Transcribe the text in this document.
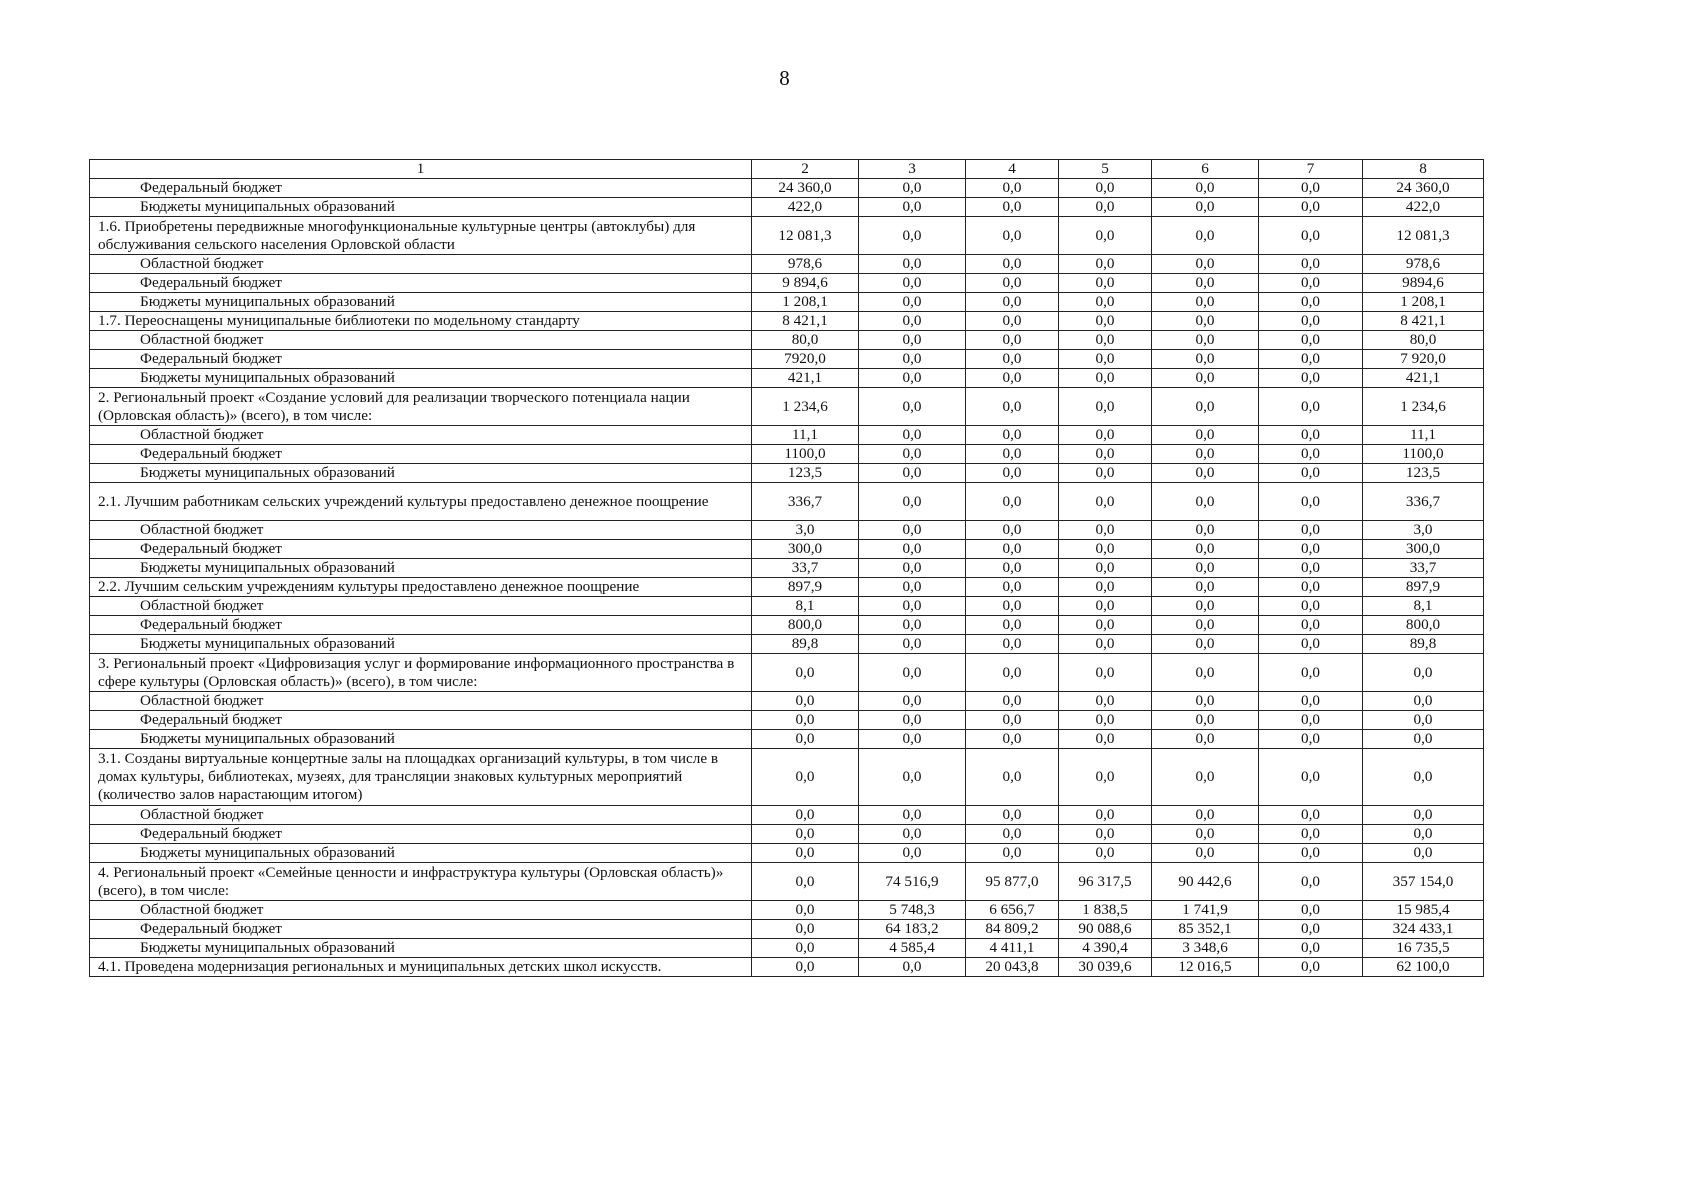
8
1	2	3	4	5	6	7	8
Федеральный бюджет	24 360,0	0,0	0,0	0,0	0,0	0,0	24 360,0
Бюджеты муниципальных образований	422,0	0,0	0,0	0,0	0,0	0,0	422,0
1.6. Приобретены передвижные многофункциональные культурные центры (автоклубы) для обслуживания сельского населения Орловской области	12 081,3	0,0	0,0	0,0	0,0	0,0	12 081,3
Областной бюджет	978,6	0,0	0,0	0,0	0,0	0,0	978,6
Федеральный бюджет	9 894,6	0,0	0,0	0,0	0,0	0,0	9894,6
Бюджеты муниципальных образований	1 208,1	0,0	0,0	0,0	0,0	0,0	1 208,1
1.7. Переоснащены муниципальные библиотеки по модельному стандарту	8 421,1	0,0	0,0	0,0	0,0	0,0	8 421,1
Областной бюджет	80,0	0,0	0,0	0,0	0,0	0,0	80,0
Федеральный бюджет	7920,0	0,0	0,0	0,0	0,0	0,0	7 920,0
Бюджеты муниципальных образований	421,1	0,0	0,0	0,0	0,0	0,0	421,1
2. Региональный проект «Создание условий для реализации творческого потенциала нации (Орловская область)» (всего), в том числе:	1 234,6	0,0	0,0	0,0	0,0	0,0	1 234,6
Областной бюджет	11,1	0,0	0,0	0,0	0,0	0,0	11,1
Федеральный бюджет	1100,0	0,0	0,0	0,0	0,0	0,0	1100,0
Бюджеты муниципальных образований	123,5	0,0	0,0	0,0	0,0	0,0	123,5
2.1. Лучшим работникам сельских учреждений культуры предоставлено денежное поощрение	336,7	0,0	0,0	0,0	0,0	0,0	336,7
Областной бюджет	3,0	0,0	0,0	0,0	0,0	0,0	3,0
Федеральный бюджет	300,0	0,0	0,0	0,0	0,0	0,0	300,0
Бюджеты муниципальных образований	33,7	0,0	0,0	0,0	0,0	0,0	33,7
2.2. Лучшим сельским учреждениям культуры предоставлено денежное поощрение	897,9	0,0	0,0	0,0	0,0	0,0	897,9
Областной бюджет	8,1	0,0	0,0	0,0	0,0	0,0	8,1
Федеральный бюджет	800,0	0,0	0,0	0,0	0,0	0,0	800,0
Бюджеты муниципальных образований	89,8	0,0	0,0	0,0	0,0	0,0	89,8
3. Региональный проект «Цифровизация услуг и формирование информационного пространства в сфере культуры (Орловская область)» (всего), в том числе:	0,0	0,0	0,0	0,0	0,0	0,0	0,0
Областной бюджет	0,0	0,0	0,0	0,0	0,0	0,0	0,0
Федеральный бюджет	0,0	0,0	0,0	0,0	0,0	0,0	0,0
Бюджеты муниципальных образований	0,0	0,0	0,0	0,0	0,0	0,0	0,0
3.1. Созданы виртуальные концертные залы на площадках организаций культуры, в том числе в домах культуры, библиотеках, музеях, для трансляции знаковых культурных мероприятий (количество залов нарастающим итогом)	0,0	0,0	0,0	0,0	0,0	0,0	0,0
Областной бюджет	0,0	0,0	0,0	0,0	0,0	0,0	0,0
Федеральный бюджет	0,0	0,0	0,0	0,0	0,0	0,0	0,0
Бюджеты муниципальных образований	0,0	0,0	0,0	0,0	0,0	0,0	0,0
4. Региональный проект «Семейные ценности и инфраструктура культуры (Орловская область)» (всего), в том числе:	0,0	74 516,9	95 877,0	96 317,5	90 442,6	0,0	357 154,0
Областной бюджет	0,0	5 748,3	6 656,7	1 838,5	1 741,9	0,0	15 985,4
Федеральный бюджет	0,0	64 183,2	84 809,2	90 088,6	85 352,1	0,0	324 433,1
Бюджеты муниципальных образований	0,0	4 585,4	4 411,1	4 390,4	3 348,6	0,0	16 735,5
4.1. Проведена модернизация региональных и муниципальных детских школ искусств.	0,0	0,0	20 043,8	30 039,6	12 016,5	0,0	62 100,0
